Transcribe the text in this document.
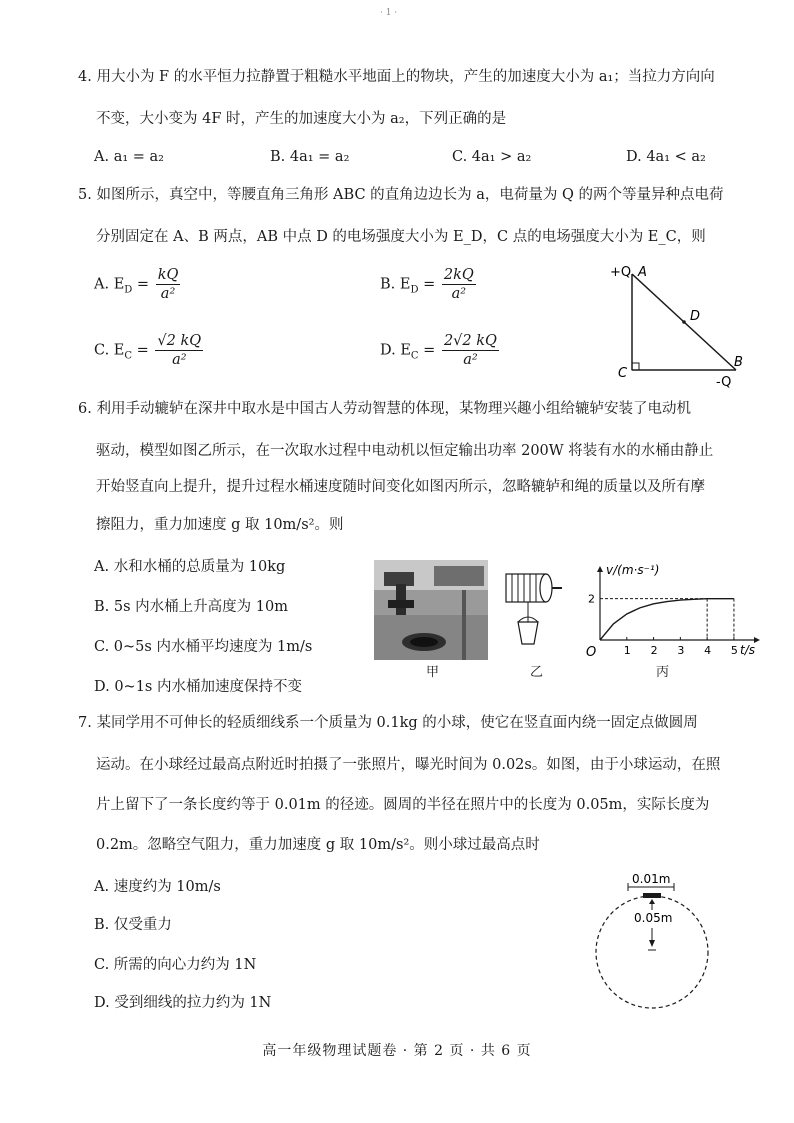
· 1 ·
4. 用大小为 F 的水平恒力拉静置于粗糙水平地面上的物块，产生的加速度大小为 a₁；当拉力方向向
不变，大小变为 4F 时，产生的加速度大小为 a₂，下列正确的是
A. a₁ = a₂	B. 4a₁ = a₂	C. 4a₁ > a₂	D. 4a₁ < a₂
5. 如图所示，真空中，等腰直角三角形 ABC 的直角边边长为 a，电荷量为 Q 的两个等量异种点电荷
分别固定在 A、B 两点，AB 中点 D 的电场强度大小为 E_D，C 点的电场强度大小为 E_C，则
A. $E_D = \frac{kQ}{\text{a²}}$	B. $E_D = \frac{2kQ}{\text{a²}}$
C. $E_C = \frac{√2 kQ}{\text{a²}}$	D. $E_C = \frac{2√2 kQ}{\text{a²}}$
+Q A
D
C
B
-Q
6. 利用手动辘轳在深井中取水是中国古人劳动智慧的体现，某物理兴趣小组给辘轳安装了电动机
驱动，模型如图乙所示，在一次取水过程中电动机以恒定输出功率 200W 将装有水的水桶由静止
开始竖直向上提升，提升过程水桶速度随时间变化如图丙所示，忽略辘轳和绳的质量以及所有摩
擦阻力，重力加速度 g 取 10m/s²。则
A. 水和水桶的总质量为 10kg
B. 5s 内水桶上升高度为 10m
C. 0~5s 内水桶平均速度为 1m/s
D. 0~1s 内水桶加速度保持不变
甲	乙
v/(m·s⁻¹)
t/s
O	1 2 3 4 5
2
丙
7. 某同学用不可伸长的轻质细线系一个质量为 0.1kg 的小球，使它在竖直面内绕一固定点做圆周
运动。在小球经过最高点附近时拍摄了一张照片，曝光时间为 0.02s。如图，由于小球运动，在照
片上留下了一条长度约等于 0.01m 的径迹。圆周的半径在照片中的长度为 0.05m，实际长度为
0.2m。忽略空气阻力，重力加速度 g 取 10m/s²。则小球过最高点时
A. 速度约为 10m/s
B. 仅受重力
C. 所需的向心力约为 1N
D. 受到细线的拉力约为 1N
0.01m
0.05m
高一年级物理试题卷 · 第 2 页 · 共 6 页
